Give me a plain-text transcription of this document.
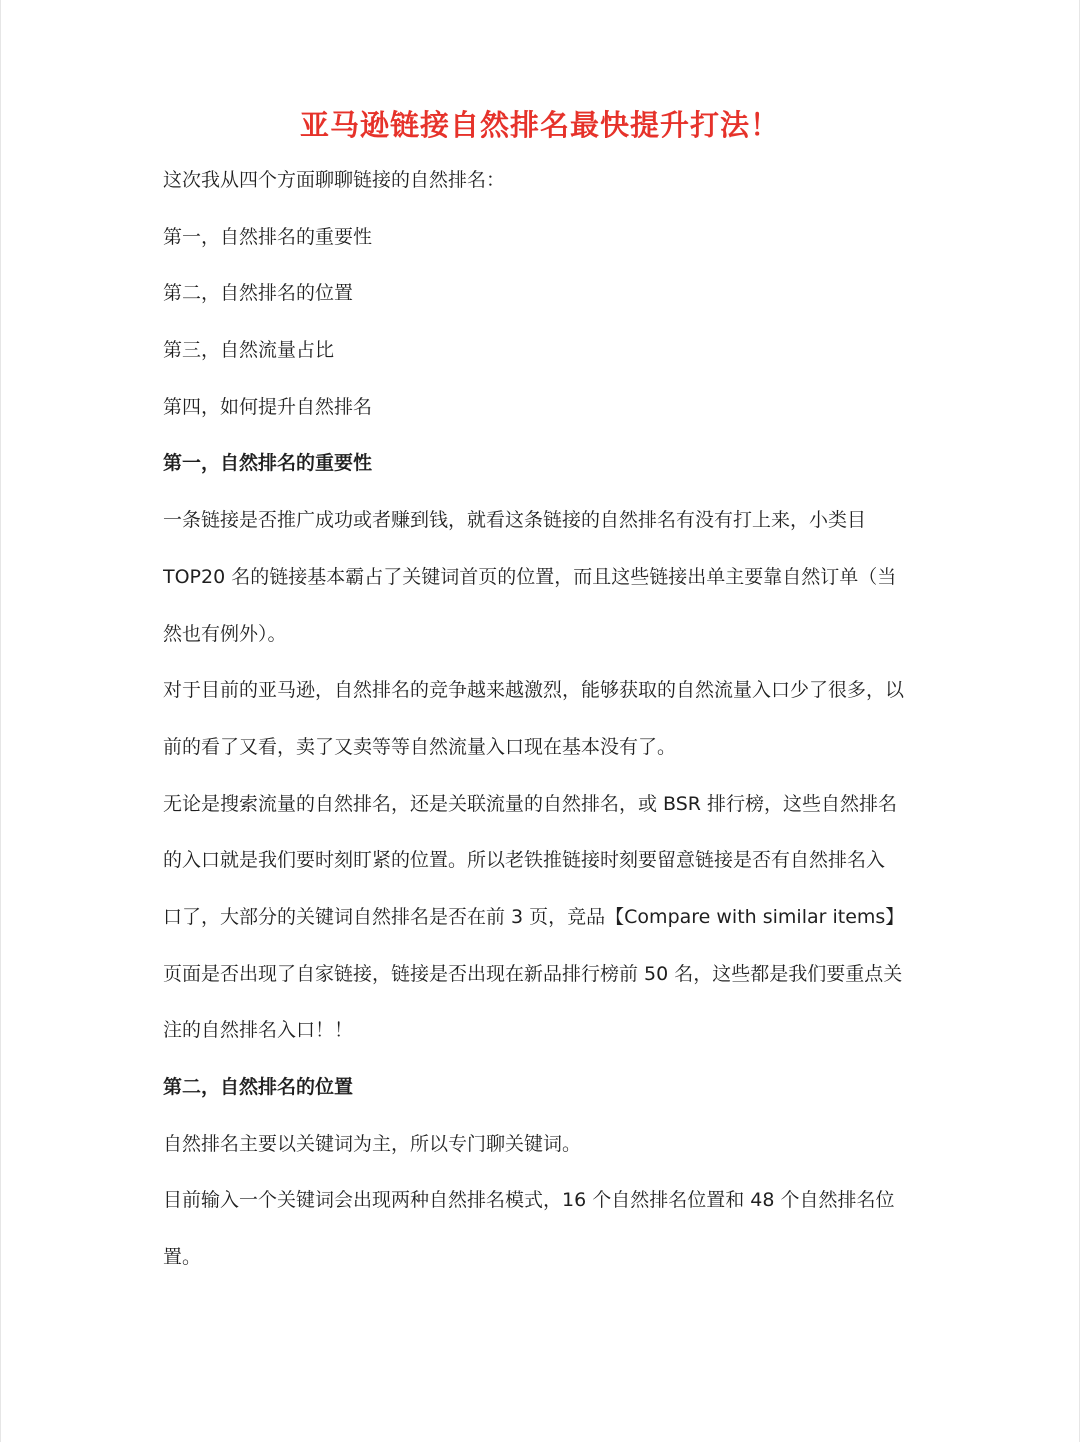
亚马逊链接自然排名最快提升打法！
这次我从四个方面聊聊链接的自然排名：
第一，自然排名的重要性
第二，自然排名的位置
第三，自然流量占比
第四，如何提升自然排名
第一，自然排名的重要性
一条链接是否推广成功或者赚到钱，就看这条链接的自然排名有没有打上来，小类目
TOP20 名的链接基本霸占了关键词首页的位置，而且这些链接出单主要靠自然订单（当
然也有例外）。
对于目前的亚马逊，自然排名的竞争越来越激烈，能够获取的自然流量入口少了很多，以
前的看了又看，卖了又卖等等自然流量入口现在基本没有了。
无论是搜索流量的自然排名，还是关联流量的自然排名，或 BSR 排行榜，这些自然排名
的入口就是我们要时刻盯紧的位置。所以老铁推链接时刻要留意链接是否有自然排名入
口了，大部分的关键词自然排名是否在前 3 页，竞品【Compare with similar items】
页面是否出现了自家链接，链接是否出现在新品排行榜前 50 名，这些都是我们要重点关
注的自然排名入口！！
第二，自然排名的位置
自然排名主要以关键词为主，所以专门聊关键词。
目前输入一个关键词会出现两种自然排名模式，16 个自然排名位置和 48 个自然排名位
置。
